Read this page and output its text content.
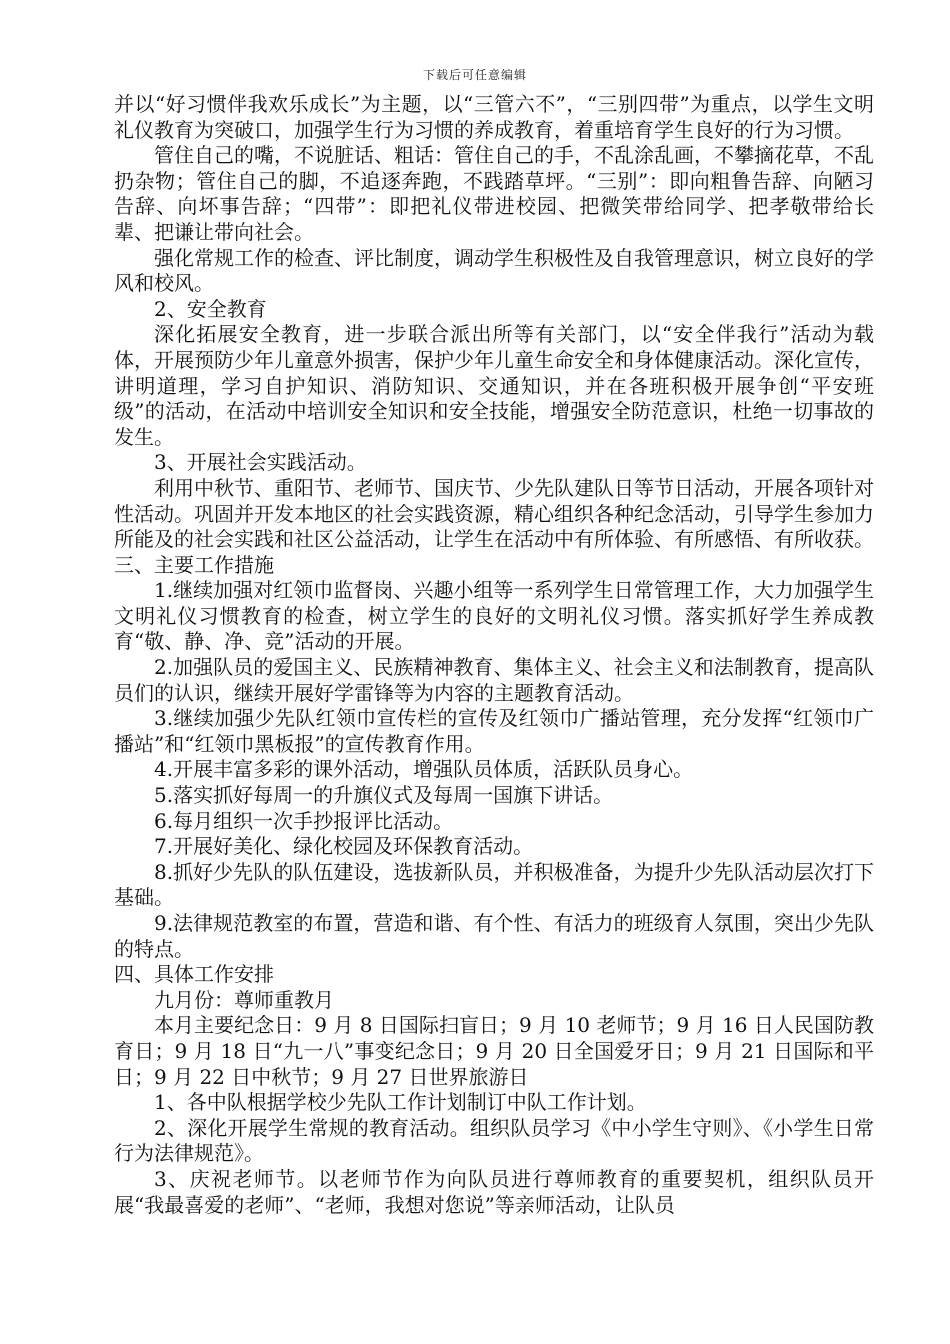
下载后可任意编辑

并以“好习惯伴我欢乐成长”为主题，以“三管六不”，“三别四带”为重点，以学生文明礼仪教育为突破口，加强学生行为习惯的养成教育，着重培育学生良好的行为习惯。

管住自己的嘴，不说脏话、粗话：管住自己的手，不乱涂乱画，不攀摘花草，不乱扔杂物；管住自己的脚，不追逐奔跑，不践踏草坪。“三别”：即向粗鲁告辞、向陋习告辞、向坏事告辞；“四带”：即把礼仪带进校园、把微笑带给同学、把孝敬带给长辈、把谦让带向社会。

强化常规工作的检查、评比制度，调动学生积极性及自我管理意识，树立良好的学风和校风。

2、安全教育

深化拓展安全教育，进一步联合派出所等有关部门，以“安全伴我行”活动为载体，开展预防少年儿童意外损害，保护少年儿童生命安全和身体健康活动。深化宣传，讲明道理，学习自护知识、消防知识、交通知识，并在各班积极开展争创“平安班级”的活动，在活动中培训安全知识和安全技能，增强安全防范意识，杜绝一切事故的发生。

3、开展社会实践活动。

利用中秋节、重阳节、老师节、国庆节、少先队建队日等节日活动，开展各项针对性活动。巩固并开发本地区的社会实践资源，精心组织各种纪念活动，引导学生参加力所能及的社会实践和社区公益活动，让学生在活动中有所体验、有所感悟、有所收获。

三、主要工作措施

1.继续加强对红领巾监督岗、兴趣小组等一系列学生日常管理工作，大力加强学生文明礼仪习惯教育的检查，树立学生的良好的文明礼仪习惯。落实抓好学生养成教育“敬、静、净、竞”活动的开展。

2.加强队员的爱国主义、民族精神教育、集体主义、社会主义和法制教育，提高队员们的认识，继续开展好学雷锋等为内容的主题教育活动。

3.继续加强少先队红领巾宣传栏的宣传及红领巾广播站管理，充分发挥“红领巾广播站”和“红领巾黑板报”的宣传教育作用。

4.开展丰富多彩的课外活动，增强队员体质，活跃队员身心。

5.落实抓好每周一的升旗仪式及每周一国旗下讲话。

6.每月组织一次手抄报评比活动。

7.开展好美化、绿化校园及环保教育活动。

8.抓好少先队的队伍建设，选拔新队员，并积极准备，为提升少先队活动层次打下基础。

9.法律规范教室的布置，营造和谐、有个性、有活力的班级育人氛围，突出少先队的特点。

四、具体工作安排

九月份：尊师重教月

本月主要纪念日：9 月 8 日国际扫盲日；9 月 10 老师节；9 月 16 日人民国防教育日；9 月 18 日“九一八”事变纪念日；9 月 20 日全国爱牙日；9 月 21 日国际和平日；9 月 22 日中秋节；9 月 27 日世界旅游日

1、各中队根据学校少先队工作计划制订中队工作计划。

2、深化开展学生常规的教育活动。组织队员学习《中小学生守则》、《小学生日常行为法律规范》。

3、庆祝老师节。以老师节作为向队员进行尊师教育的重要契机，组织队员开展“我最喜爱的老师”、“老师，我想对您说”等亲师活动，让队员
